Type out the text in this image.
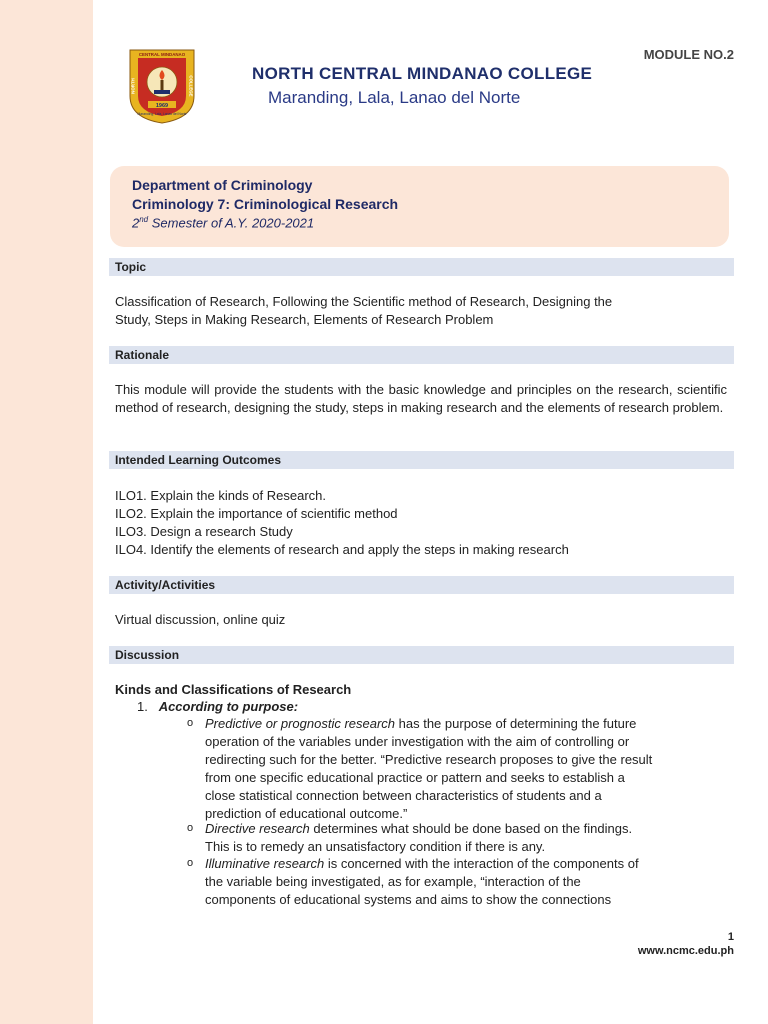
CENTRAL MINDANAO
NORTH	COLLEGE
1969
Maranding, Lala, Lanao del Norte
MODULE NO.2
NORTH CENTRAL MINDANAO COLLEGE
Maranding, Lala, Lanao del Norte
Department of Criminology
Criminology 7: Criminological Research
2nd Semester of A.Y. 2020-2021
Topic
Classification of Research, Following the Scientific method of Research, Designing the
Study, Steps in Making Research, Elements of Research Problem
Rationale
This module will provide the students with the basic knowledge and principles on the research, scientific method of research, designing the study, steps in making research and the elements of research problem.
Intended Learning Outcomes
ILO1. Explain the kinds of Research.
ILO2. Explain the importance of scientific method
ILO3. Design a research Study
ILO4. Identify the elements of research and apply the steps in making research
Activity/Activities
Virtual discussion, online quiz
Discussion
Kinds and Classifications of Research
1. According to purpose:
o Predictive or prognostic research has the purpose of determining the future
operation of the variables under investigation with the aim of controlling or
redirecting such for the better. “Predictive research proposes to give the result
from one specific educational practice or pattern and seeks to establish a
close statistical connection between characteristics of students and a
prediction of educational outcome.”
o Directive research determines what should be done based on the findings.
This is to remedy an unsatisfactory condition if there is any.
o Illuminative research is concerned with the interaction of the components of
the variable being investigated, as for example, “interaction of the
components of educational systems and aims to show the connections
1
www.ncmc.edu.ph
